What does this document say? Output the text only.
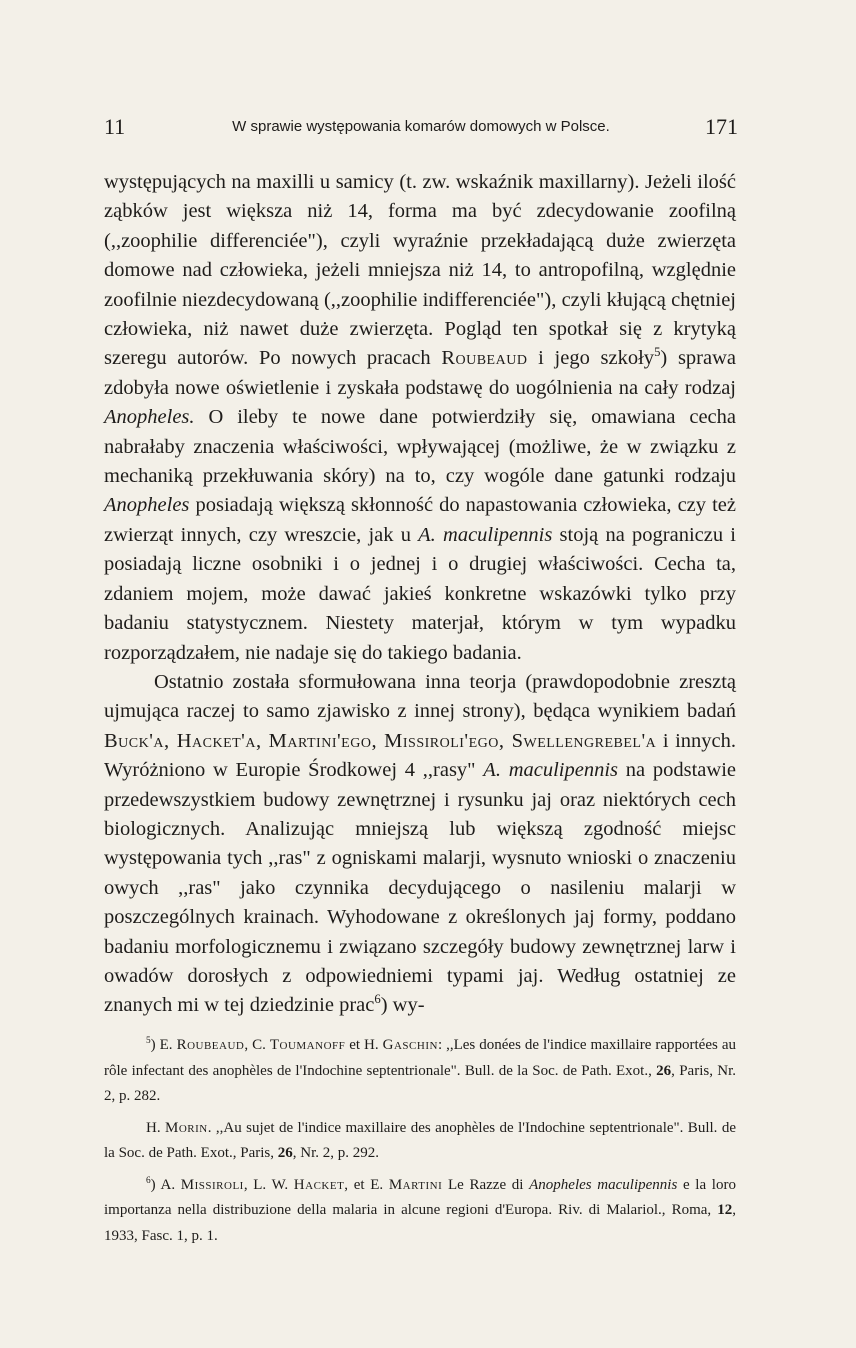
11	W sprawie występowania komarów domowych w Polsce.	171

występujących na maxilli u samicy (t. zw. wskaźnik maxillarny). Jeżeli ilość ząbków jest większa niż 14, forma ma być zdecydowanie zoofilną (,,zoophilie differenciée"), czyli wyraźnie przekładającą duże zwierzęta domowe nad człowieka, jeżeli mniejsza niż 14, to antropofilną, względnie zoofilnie niezdecydowaną (,,zoophilie indifferenciée"), czyli kłującą chętniej człowieka, niż nawet duże zwierzęta. Pogląd ten spotkał się z krytyką szeregu autorów. Po nowych pracach Roubeaud i jego szkoły$^5$) sprawa zdobyła nowe oświetlenie i zyskała podstawę do uogólnienia na cały rodzaj Anopheles. O ileby te nowe dane potwierdziły się, omawiana cecha nabrałaby znaczenia właściwości, wpływającej (możliwe, że w związku z mechaniką przekłuwania skóry) na to, czy wogóle dane gatunki rodzaju Anopheles posiadają większą skłonność do napastowania człowieka, czy też zwierząt innych, czy wreszcie, jak u A. maculipennis stoją na pograniczu i posiadają liczne osobniki i o jednej i o drugiej właściwości. Cecha ta, zdaniem mojem, może dawać jakieś konkretne wskazówki tylko przy badaniu statystycznem. Niestety materjał, którym w tym wypadku rozporządzałem, nie nadaje się do takiego badania.

Ostatnio została sformułowana inna teorja (prawdopodobnie zresztą ujmująca raczej to samo zjawisko z innej strony), będąca wynikiem badań Buck'a, Hacket'a, Martini'ego, Missiroli'ego, Swellengrebel'a i innych. Wyróżniono w Europie Środkowej 4 ,,rasy" A. maculipennis na podstawie przedewszystkiem budowy zewnętrznej i rysunku jaj oraz niektórych cech biologicznych. Analizując mniejszą lub większą zgodność miejsc występowania tych ,,ras" z ogniskami malarji, wysnuto wnioski o znaczeniu owych ,,ras" jako czynnika decydującego o nasileniu malarji w poszczególnych krainach. Wyhodowane z określonych jaj formy, poddano badaniu morfologicznemu i związano szczegóły budowy zewnętrznej larw i owadów dorosłych z odpowiedniemi typami jaj. Według ostatniej ze znanych mi w tej dziedzinie prac$^6$) wy-

$^5$) E. Roubeaud, C. Toumanoff et H. Gaschin: ,,Les donées de l'indice maxillaire rapportées au rôle infectant des anophèles de l'Indochine septentrionale". Bull. de la Soc. de Path. Exot., 26, Paris, Nr. 2, p. 282.

H. Morin. ,,Au sujet de l'indice maxillaire des anophèles de l'Indochine septentrionale". Bull. de la Soc. de Path. Exot., Paris, 26, Nr. 2, p. 292.

$^6$) A. Missiroli, L. W. Hacket, et E. Martini Le Razze di Anopheles maculipennis e la loro importanza nella distribuzione della malaria in alcune regioni d'Europa. Riv. di Malariol., Roma, 12, 1933, Fasc. 1, p. 1.
